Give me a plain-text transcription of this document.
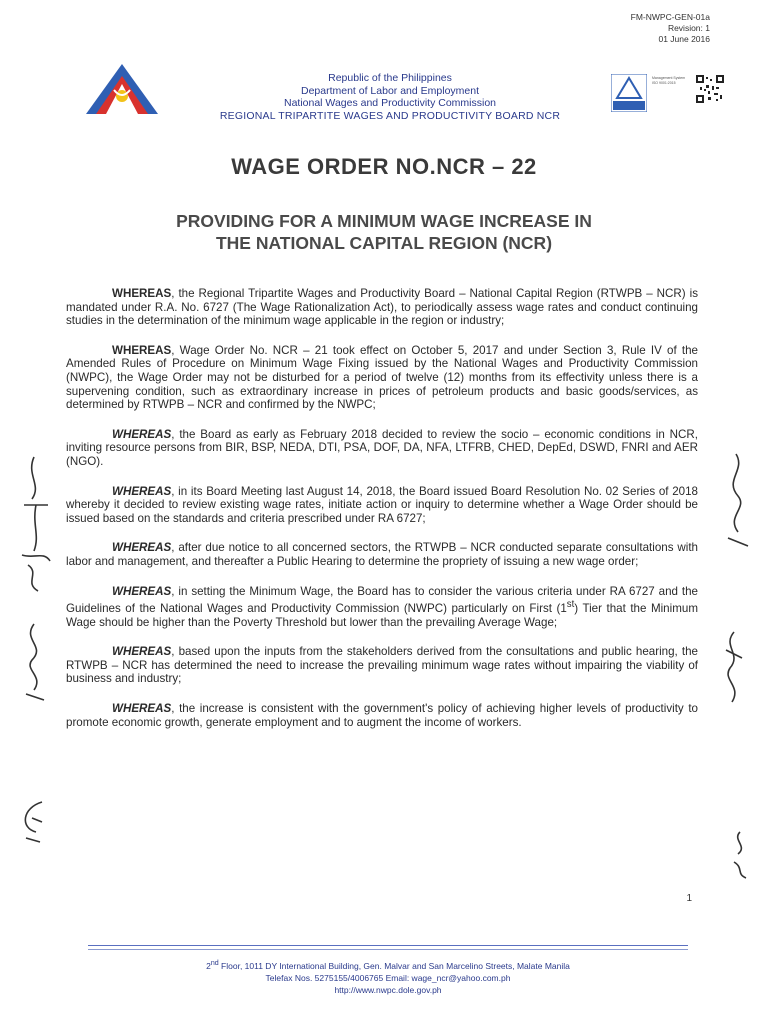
FM-NWPC-GEN-01a
Revision: 1
01 June 2016
Republic of the Philippines
Department of Labor and Employment
National Wages and Productivity Commission
REGIONAL TRIPARTITE WAGES AND PRODUCTIVITY BOARD NCR
Management System ISO 9001:2015
WAGE ORDER NO.NCR – 22
PROVIDING FOR A MINIMUM WAGE INCREASE IN
THE NATIONAL CAPITAL REGION (NCR)

WHEREAS, the Regional Tripartite Wages and Productivity Board – National Capital Region (RTWPB – NCR) is mandated under R.A. No. 6727 (The Wage Rationalization Act), to periodically assess wage rates and conduct continuing studies in the determination of the minimum wage applicable in the region or industry;

WHEREAS, Wage Order No. NCR – 21 took effect on October 5, 2017 and under Section 3, Rule IV of the Amended Rules of Procedure on Minimum Wage Fixing issued by the National Wages and Productivity Commission (NWPC), the Wage Order may not be disturbed for a period of twelve (12) months from its effectivity unless there is a supervening condition, such as extraordinary increase in prices of petroleum products and basic goods/services, as determined by RTWPB – NCR and confirmed by the NWPC;

WHEREAS, the Board as early as February 2018 decided to review the socio – economic conditions in NCR, inviting resource persons from BIR, BSP, NEDA, DTI, PSA, DOF, DA, NFA, LTFRB, CHED, DepEd, DSWD, FNRI and AER (NGO).

WHEREAS, in its Board Meeting last August 14, 2018, the Board issued Board Resolution No. 02 Series of 2018 whereby it decided to review existing wage rates, initiate action or inquiry to determine whether a Wage Order should be issued based on the standards and criteria prescribed under RA 6727;

WHEREAS, after due notice to all concerned sectors, the RTWPB – NCR conducted separate consultations with labor and management, and thereafter a Public Hearing to determine the propriety of issuing a new wage order;

WHEREAS, in setting the Minimum Wage, the Board has to consider the various criteria under RA 6727 and the Guidelines of the National Wages and Productivity Commission (NWPC) particularly on First (1st) Tier that the Minimum Wage should be higher than the Poverty Threshold but lower than the prevailing Average Wage;

WHEREAS, based upon the inputs from the stakeholders derived from the consultations and public hearing, the RTWPB – NCR has determined the need to increase the prevailing minimum wage rates without impairing the viability of business and industry;

WHEREAS, the increase is consistent with the government's policy of achieving higher levels of productivity to promote economic growth, generate employment and to augment the income of workers.

1
2nd Floor, 1011 DY International Building, Gen. Malvar and San Marcelino Streets, Malate Manila
Telefax Nos. 5275155/4006765 Email: wage_ncr@yahoo.com.ph
http://www.nwpc.dole.gov.ph
